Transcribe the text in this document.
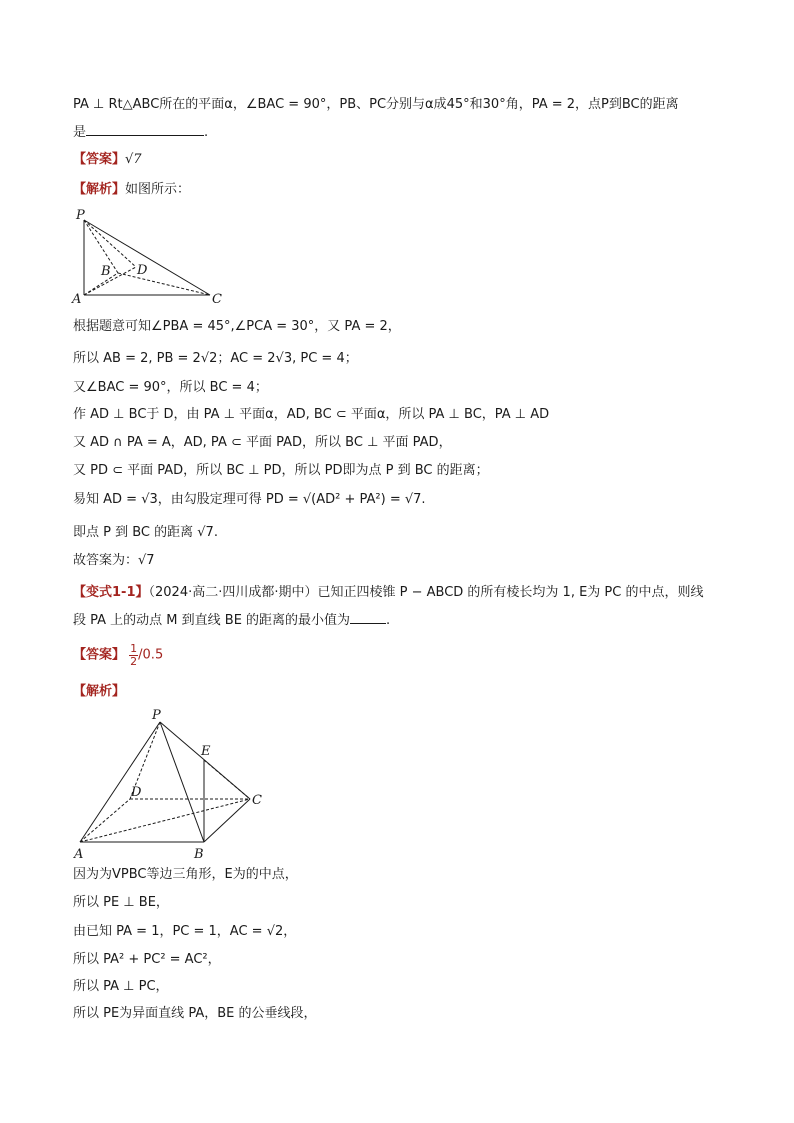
PA ⊥ Rt△ABC所在的平面α，∠BAC = 90°，PB、PC分别与α成45°和30°角，PA = 2，点P到BC的距离
是	.
【答案】√7
【解析】如图所示：
P
B D
A	C
根据题意可知∠PBA = 45°,∠PCA = 30°，又 PA = 2，
所以 AB = 2, PB = 2√2；AC = 2√3, PC = 4；
又∠BAC = 90°，所以 BC = 4；
作 AD ⊥ BC于 D，由 PA ⊥ 平面α，AD, BC ⊂ 平面α，所以 PA ⊥ BC，PA ⊥ AD
又 AD ∩ PA = A，AD, PA ⊂ 平面 PAD，所以 BC ⊥ 平面 PAD，
又 PD ⊂ 平面 PAD，所以 BC ⊥ PD，所以 PD即为点 P 到 BC 的距离；
易知 AD = √3，由勾股定理可得 PD = √(AD² + PA²) = √7.
即点 P 到 BC 的距离 √7.
故答案为：√7
【变式1-1】（2024·高二·四川成都·期中）已知正四棱锥 P − ABCD 的所有棱长均为 1, E为 PC 的中点，则线
段 PA 上的动点 M 到直线 BE 的距离的最小值为	.
【答案】 $\frac{1}{2} /0.5$
【解析】
P
E
D
C
A	B
因为为VPBC等边三角形，E为的中点，
所以 PE ⊥ BE，
由已知 PA = 1，PC = 1，AC = √2，
所以 PA² + PC² = AC²，
所以 PA ⊥ PC，
所以 PE为异面直线 PA，BE 的公垂线段，
